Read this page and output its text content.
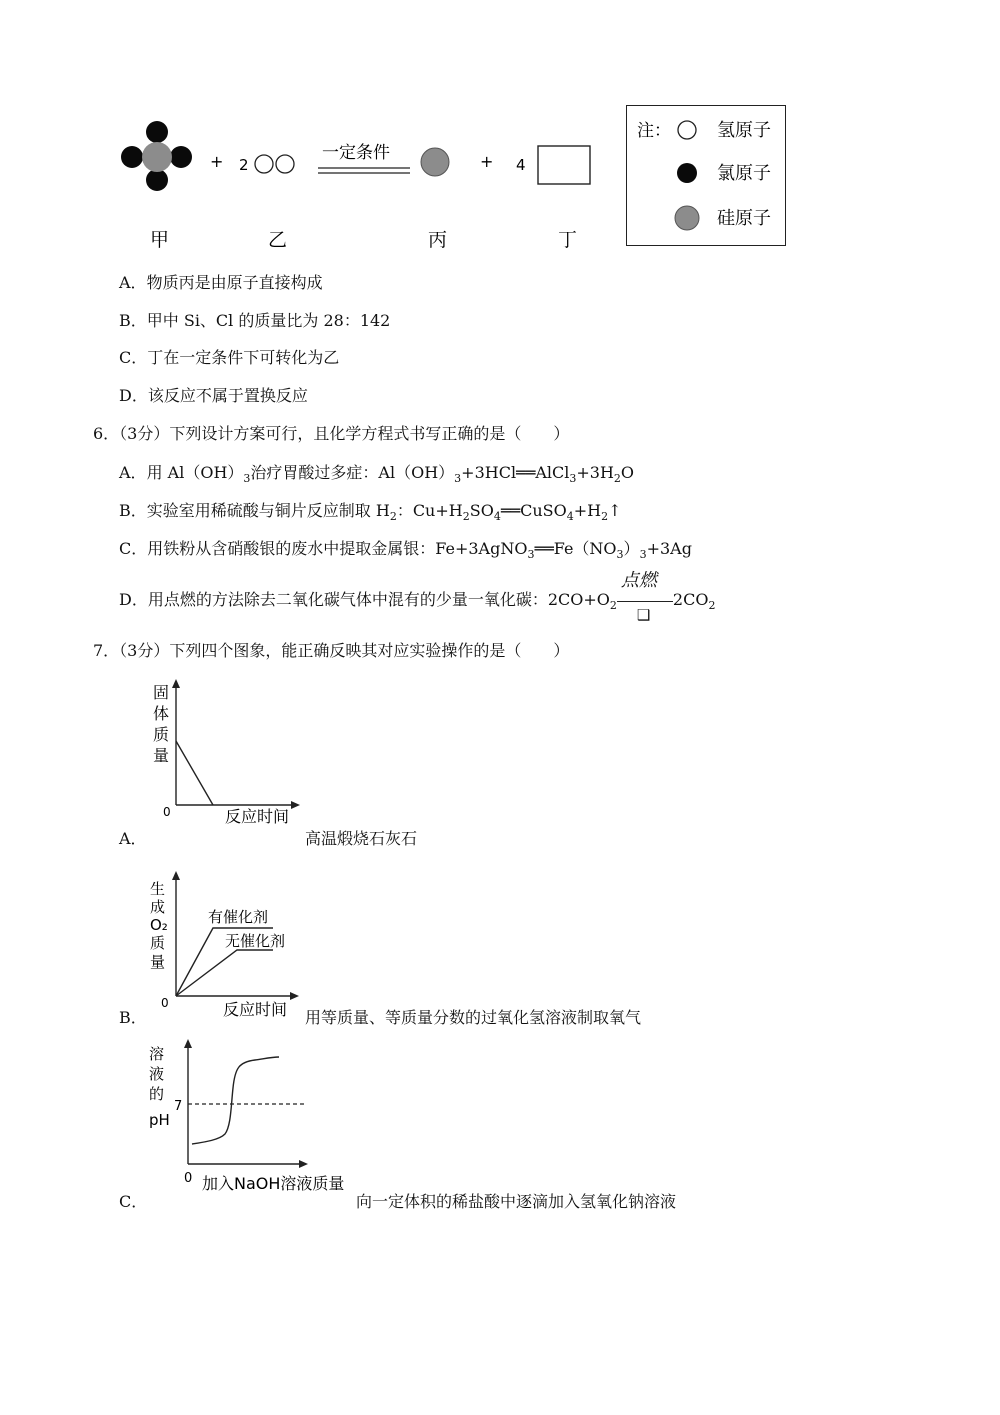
+ 2
一定条件	+ 4
甲	乙	丙	丁
注：	氢原子
氯原子
硅原子
A．物质丙是由原子直接构成
B．甲中 Si、Cl 的质量比为 28：142
C．丁在一定条件下可转化为乙
D．该反应不属于置换反应
6．（3分）下列设计方案可行，且化学方程式书写正确的是（　　）
A．用 $Al(OH)_3$治疗胃酸过多症：$Al(OH)_3+3HCl══AlCl_3+3H_2O$
B．实验室用稀硫酸与铜片反应制取 $H_2$：$Cu+H_2SO_4══CuSO_4+H_2↑$
C．用铁粉从含硝酸银的废水中提取金属银：$Fe+3AgNO_3══Fe(NO_3)_3+3Ag$
D．用点燃的方法除去二氧化碳气体中混有的少量一氧化碳：$2CO+O_2$
点燃
❑
$2CO_2$
7．（3分）下列四个图象，能正确反映其对应实验操作的是（　　）
固
体
质
量
0	反应时间
A．	高温煅烧石灰石
生
成
O₂
质
量
0	反应时间
有催化剂
无催化剂
B．	用等质量、等质量分数的过氧化氢溶液制取氧气
溶
液
的
pH
7
0 加入NaOH溶液质量
C．	向一定体积的稀盐酸中逐滴加入氢氧化钠溶液
